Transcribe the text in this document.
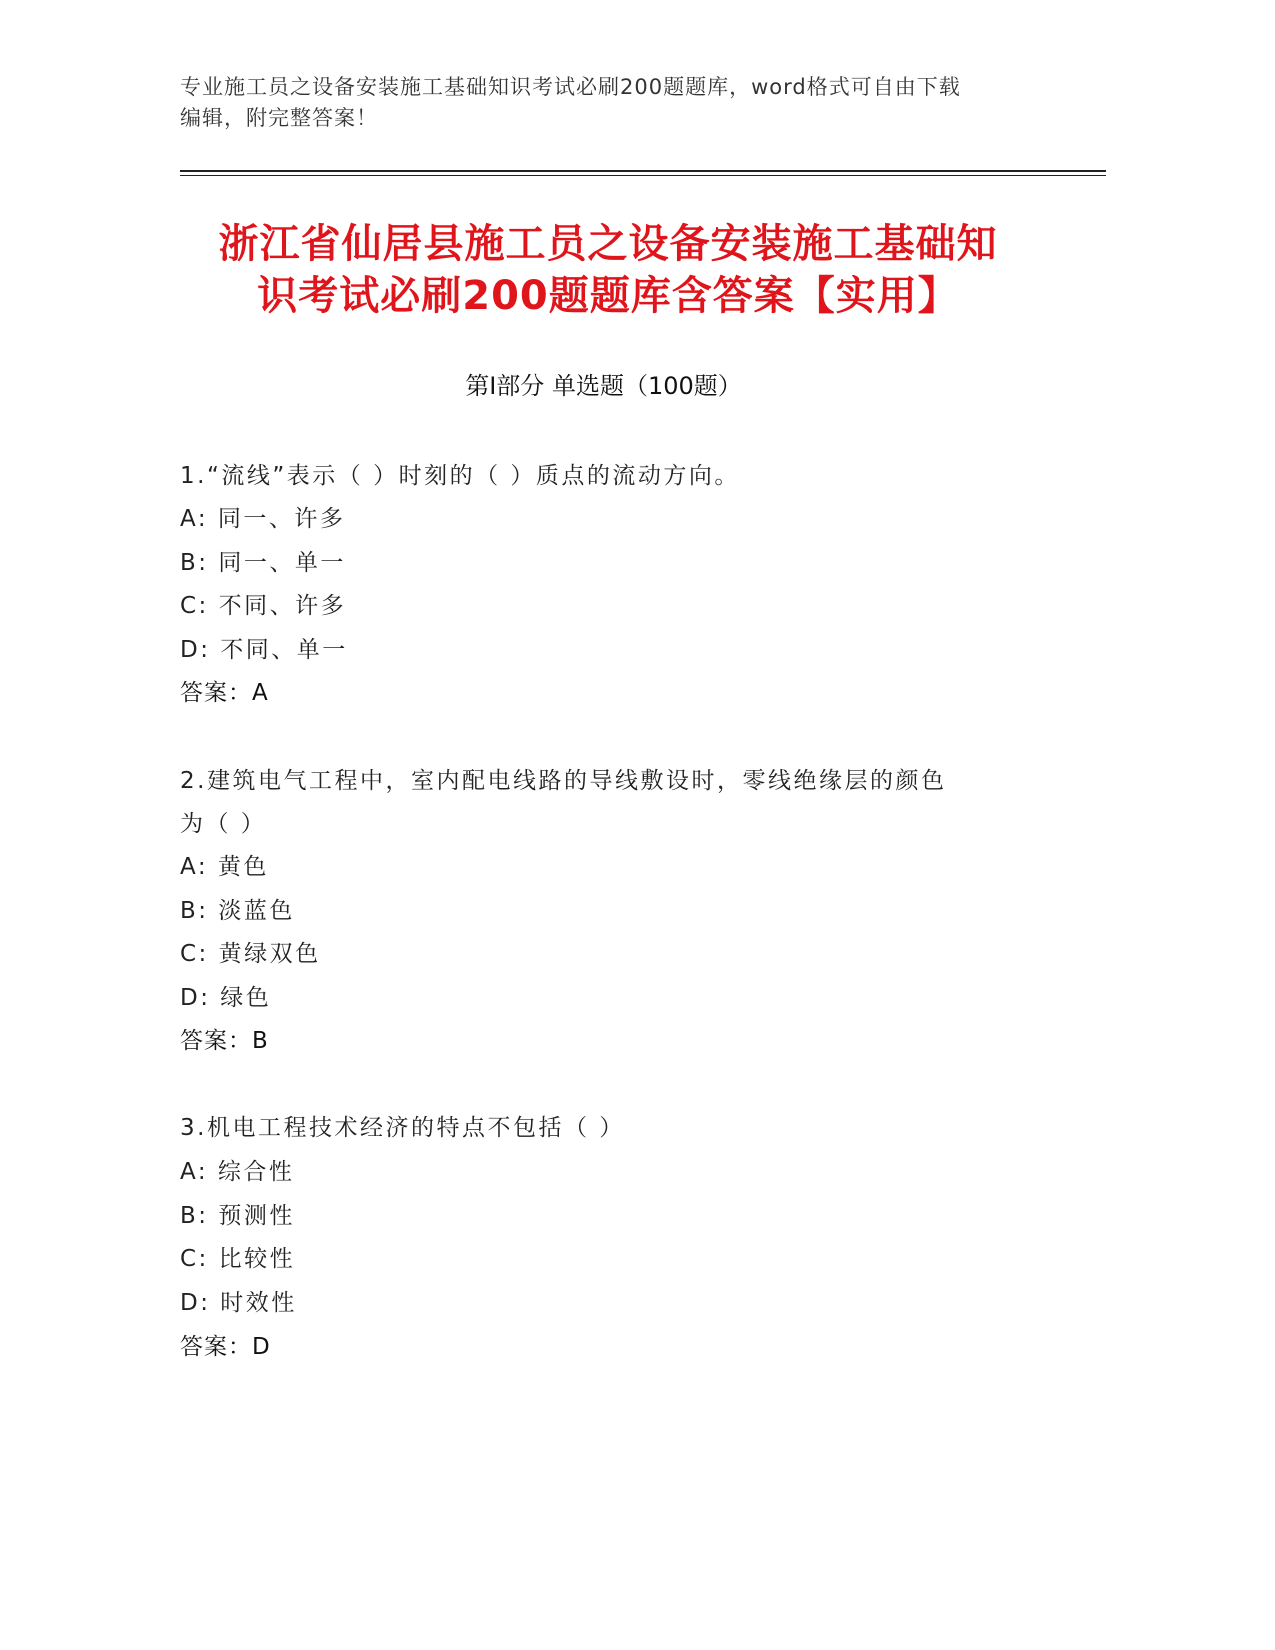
专业施工员之设备安装施工基础知识考试必刷200题题库，word格式可自由下载
编辑，附完整答案！
浙江省仙居县施工员之设备安装施工基础知
识考试必刷200题题库含答案【实用】
第Ⅰ部分 单选题（100题）
1.“流线”表示（ ）时刻的（ ）质点的流动方向。
A: 同一、许多
B: 同一、单一
C: 不同、许多
D: 不同、单一
答案：A
2.建筑电气工程中，室内配电线路的导线敷设时，零线绝缘层的颜色
为（ ）
A: 黄色
B: 淡蓝色
C: 黄绿双色
D: 绿色
答案：B
3.机电工程技术经济的特点不包括（ ）
A: 综合性
B: 预测性
C: 比较性
D: 时效性
答案：D
